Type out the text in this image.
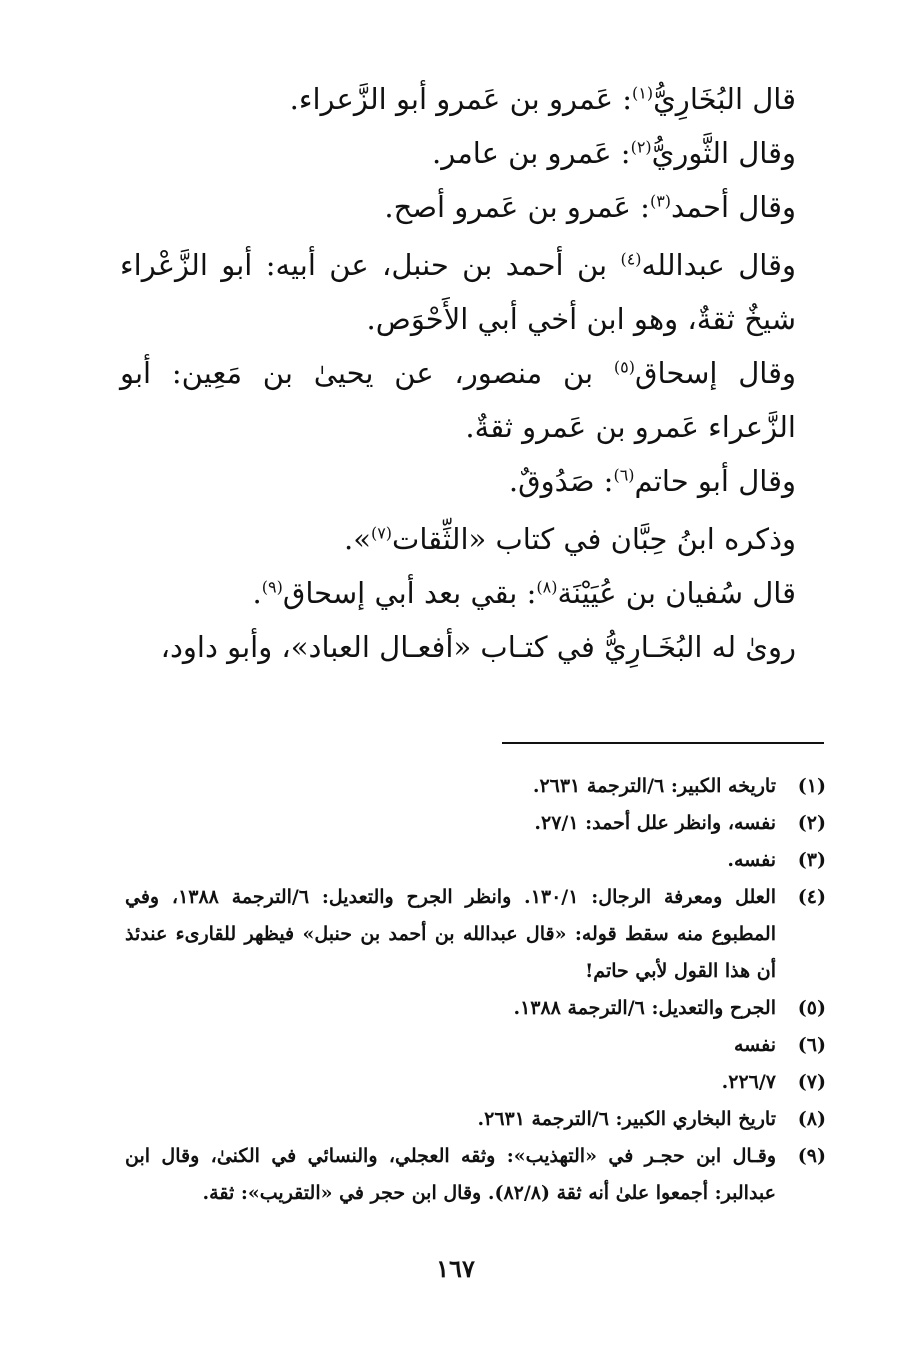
قال البُخَارِيُّ$^{(١)}$: عَمرو بن عَمرو أبو الزَّعراء.

وقال الثَّوريُّ$^{(٢)}$: عَمرو بن عامر.

وقال أحمد$^{(٣)}$: عَمرو بن عَمرو أصح.

وقال عبدالله$^{(٤)}$ بن أحمد بن حنبل، عن أبيه: أبو الزَّعْراء شيخٌ ثقةٌ، وهو ابن أخي أبي الأَحْوَص.

وقال إسحاق$^{(٥)}$ بن منصور، عن يحيىٰ بن مَعِين: أبو الزَّعراء عَمرو بن عَمرو ثقةٌ.

وقال أبو حاتم$^{(٦)}$: صَدُوقٌ.

وذكره ابنُ حِبَّان في كتاب «الثِّقات$^{(٧)}$».

قال سُفيان بن عُيَيْنَة$^{(٨)}$: بقي بعد أبي إسحاق$^{(٩)}$.

روىٰ له البُخَـارِيُّ في كتـاب «أفعـال العباد»، وأبو داود،

(١)
تاريخه الكبير: ٦/الترجمة ٢٦٣١.
(٢)
نفسه، وانظر علل أحمد: ٢٧/١.
(٣)
نفسه.
(٤)
العلل ومعرفة الرجال: ١٣٠/١. وانظر الجرح والتعديل: ٦/الترجمة ١٣٨٨، وفي المطبوع منه سقط قوله: «قال عبدالله بن أحمد بن حنبل» فيظهر للقارىء عندئذ أن هذا القول لأبي حاتم!
(٥)
الجرح والتعديل: ٦/الترجمة ١٣٨٨.
(٦)
نفسه
(٧)
٢٢٦/٧.
(٨)
تاريخ البخاري الكبير: ٦/الترجمة ٢٦٣١.
(٩)
وقـال ابن حجـر في «التهذيب»: وثقه العجلي، والنسائي في الكنىٰ، وقال ابن عبدالبر: أجمعوا علىٰ أنه ثقة (٨٢/٨). وقال ابن حجر في «التقريب»: ثقة.
١٦٧
